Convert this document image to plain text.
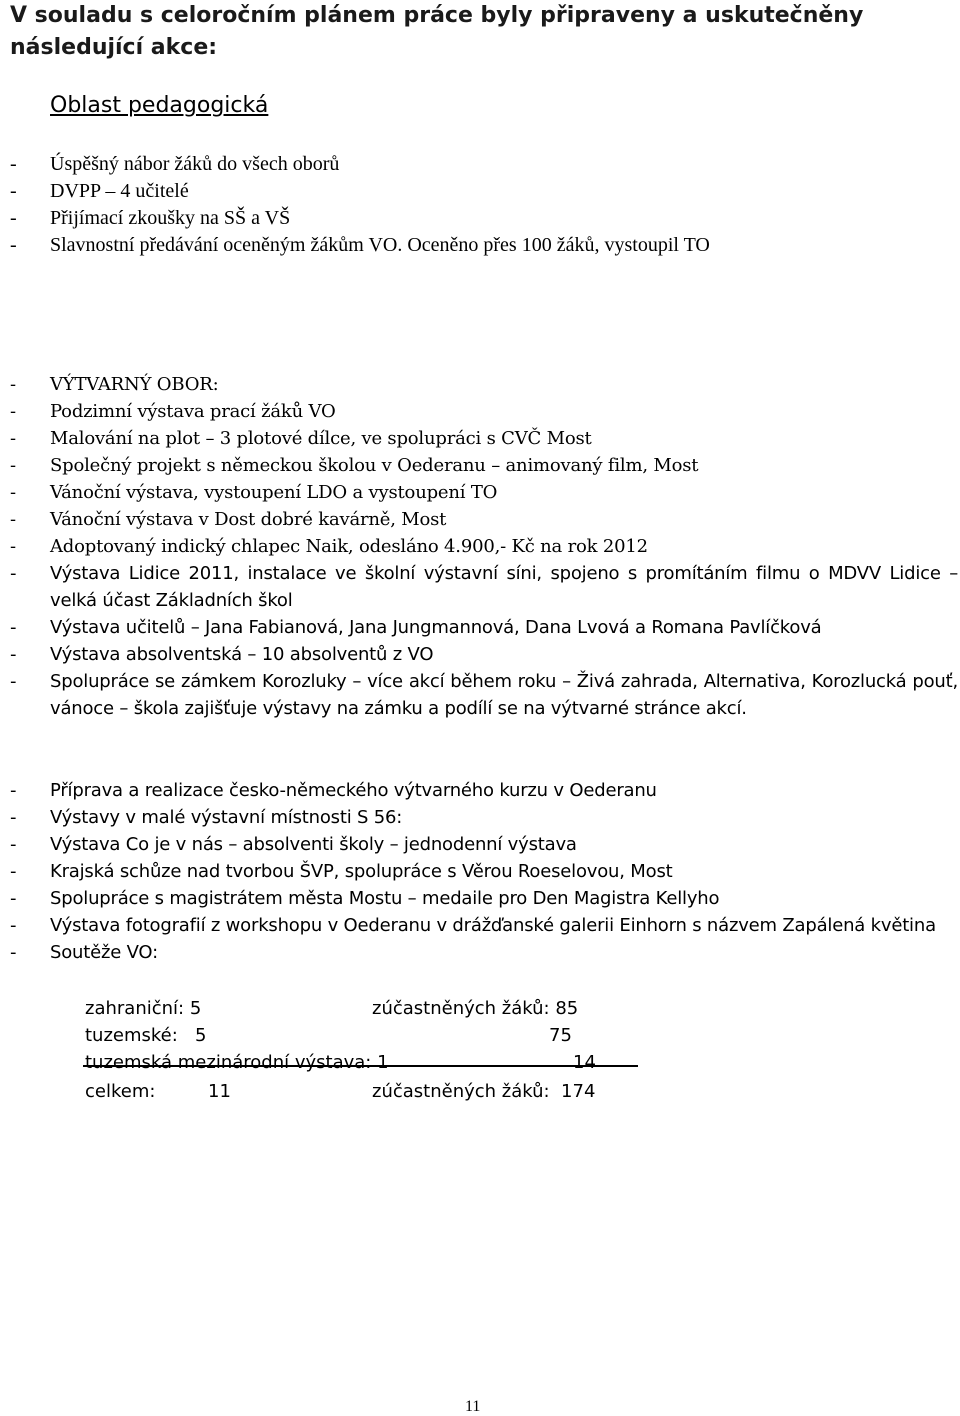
V souladu s celoročním plánem práce byly připraveny a uskutečněny následující akce:
Oblast pedagogická
- Úspěšný nábor žáků do všech oborů
- DVPP – 4 učitelé
- Přijímací zkoušky na SŠ a VŠ
- Slavnostní předávání oceněným žákům VO. Oceněno přes 100 žáků, vystoupil TO
- VÝTVARNÝ OBOR:
- Podzimní výstava prací žáků VO
- Malování na plot – 3 plotové dílce, ve spolupráci s CVČ Most
- Společný projekt s německou školou v Oederanu – animovaný film, Most
- Vánoční výstava, vystoupení LDO a vystoupení TO
- Vánoční výstava v Dost dobré kavárně, Most
- Adoptovaný indický chlapec Naik, odesláno 4.900,- Kč na rok 2012
- Výstava Lidice 2011, instalace ve školní výstavní síni, spojeno s promítáním filmu o MDVV Lidice – velká účast Základních škol
- Výstava učitelů – Jana Fabianová, Jana Jungmannová, Dana Lvová a Romana Pavlíčková
- Výstava absolventská – 10 absolventů z VO
- Spolupráce se zámkem Korozluky – více akcí během roku – Živá zahrada, Alternativa, Korozlucká pouť, vánoce – škola zajišťuje výstavy na zámku a podílí se na výtvarné stránce akcí.
- Příprava a realizace česko-německého výtvarného kurzu v Oederanu
- Výstavy v malé výstavní místnosti S 56:
- Výstava Co je v nás – absolventi školy – jednodenní výstava
- Krajská schůze nad tvorbou ŠVP, spolupráce s Věrou Roeselovou, Most
- Spolupráce s magistrátem města Mostu – medaile pro Den Magistra Kellyho
- Výstava fotografií z workshopu v Oederanu v drážďanské galerii Einhorn s názvem Zapálená květina
- Soutěže VO:
zahraniční: 5	zúčastněných žáků: 85
tuzemské:   5	75
tuzemská mezinárodní výstava: 1	14
celkem:	11	zúčastněných žáků:  174
11
